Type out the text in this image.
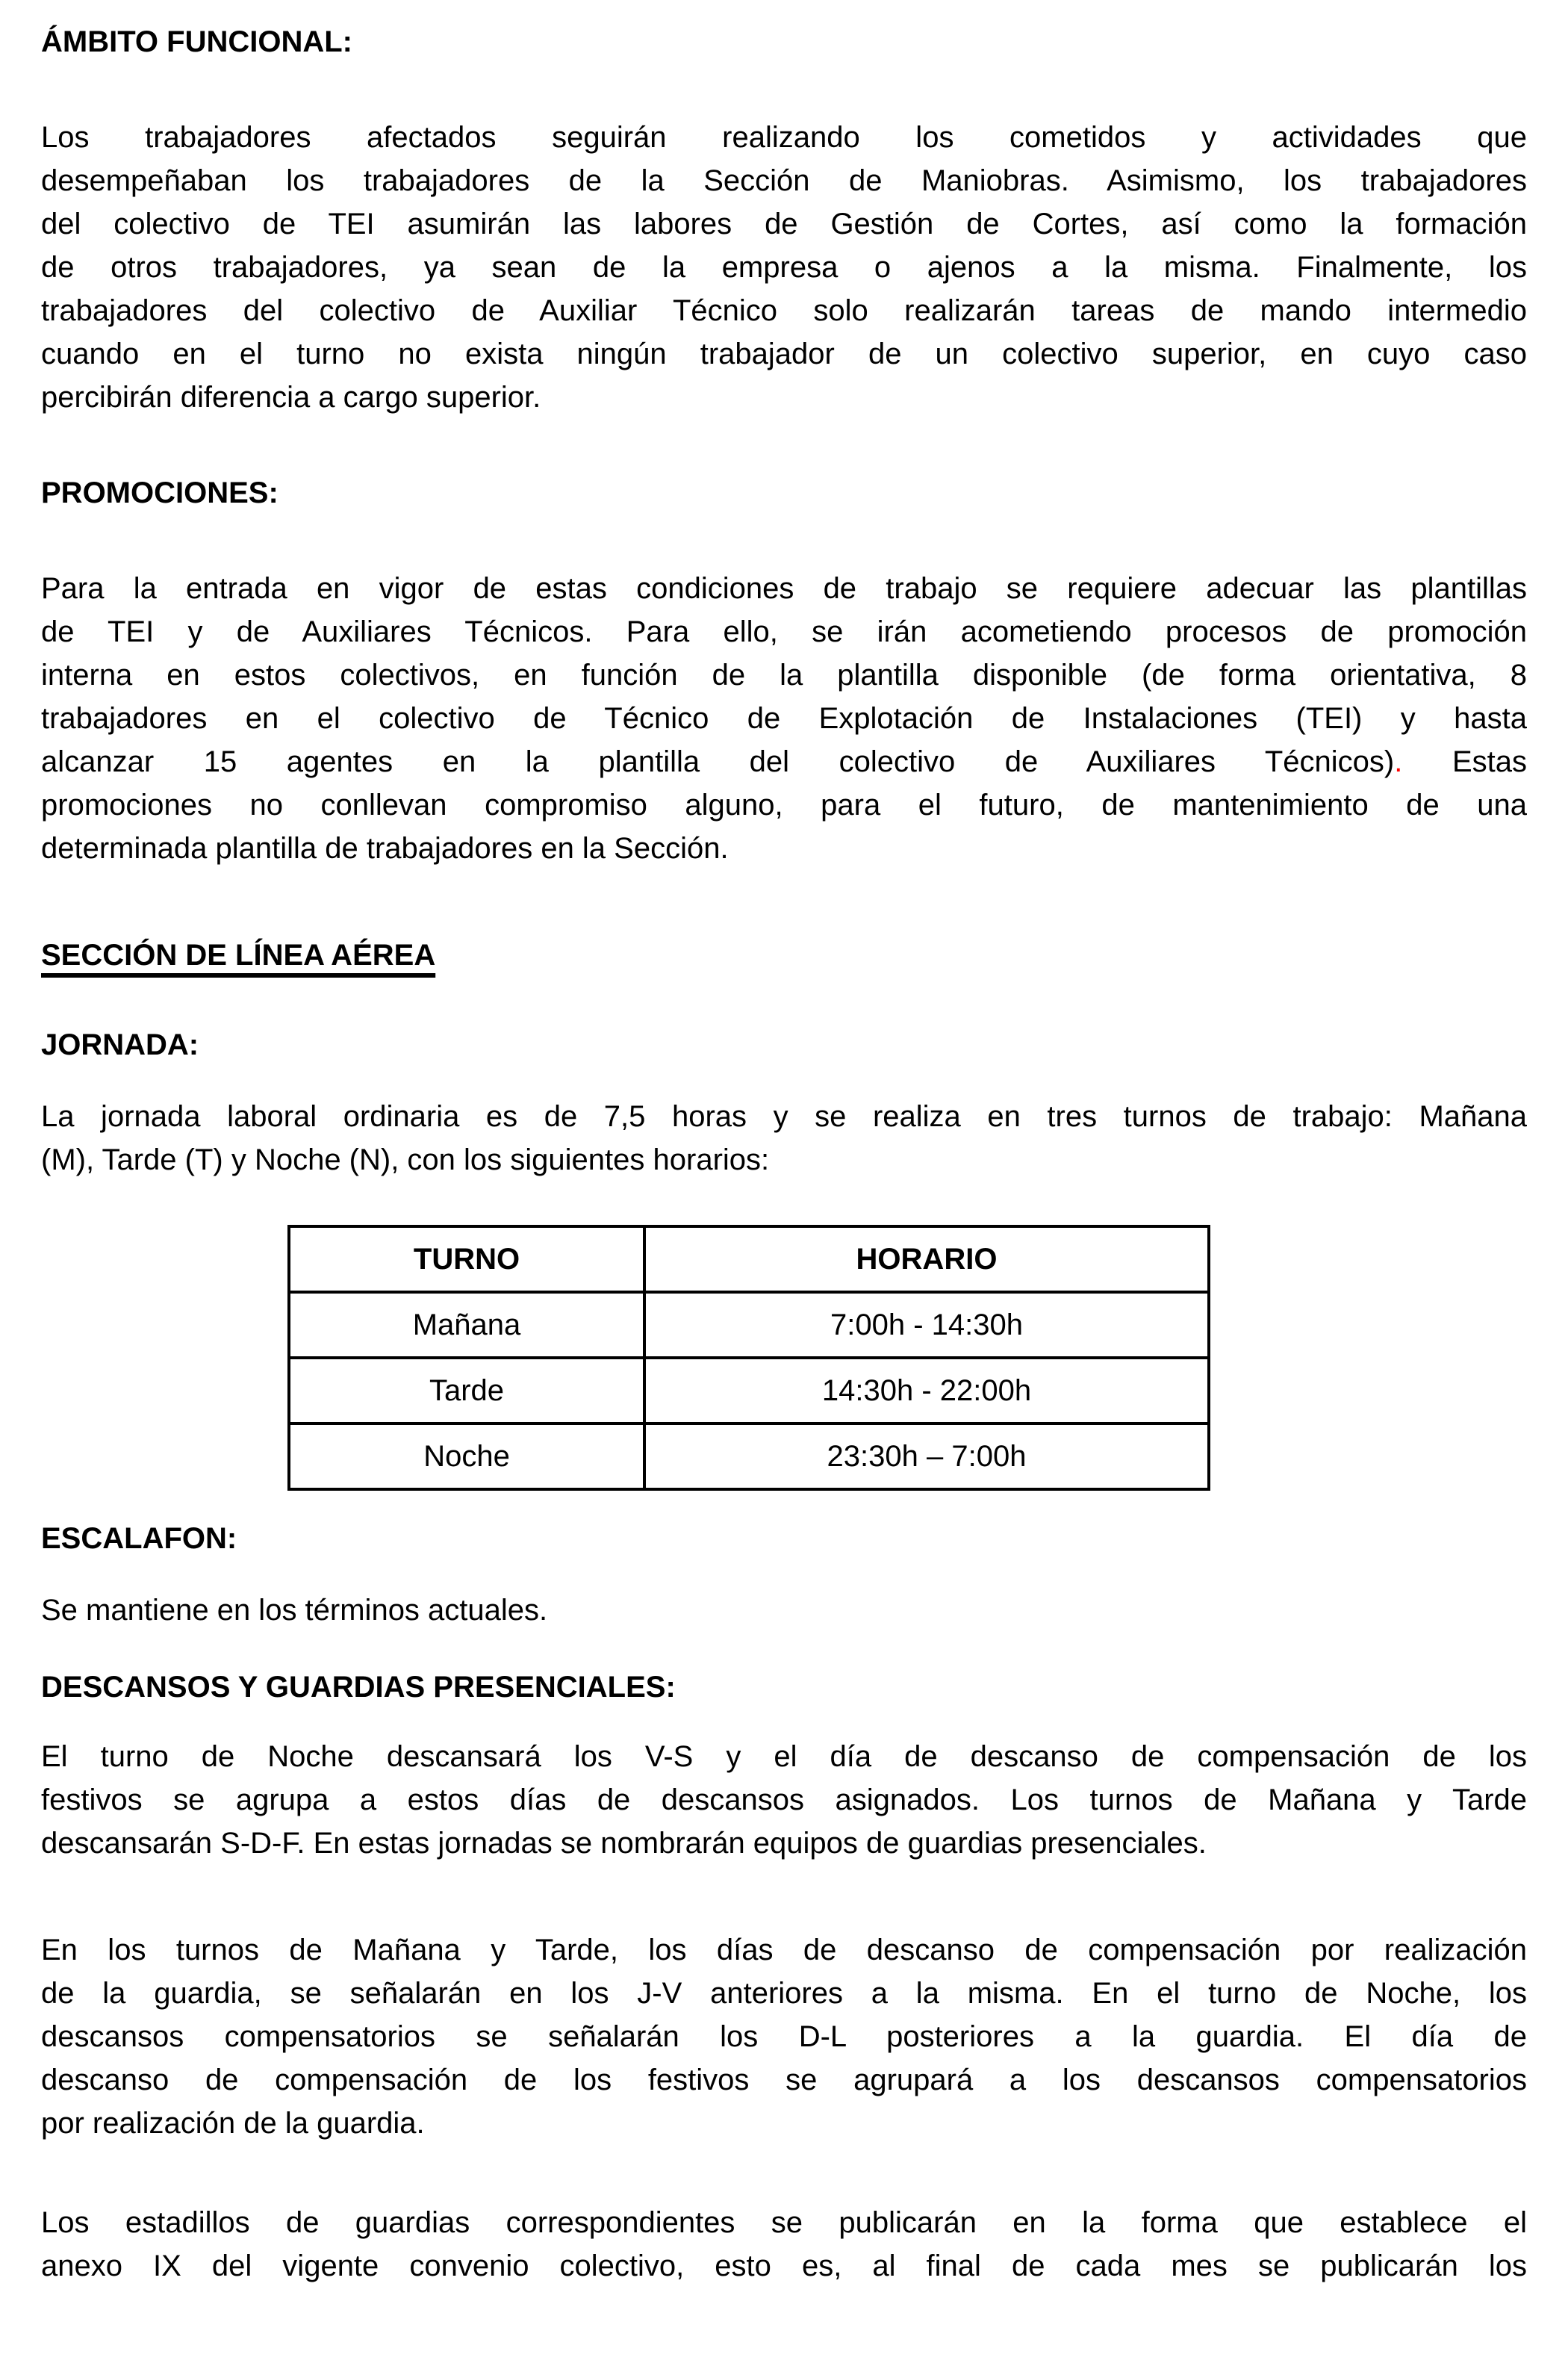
ÁMBITO FUNCIONAL:
Los trabajadores afectados seguirán realizando los cometidos y actividades que
desempeñaban los trabajadores de la Sección de Maniobras. Asimismo, los trabajadores
del colectivo de TEI asumirán las labores de Gestión de Cortes, así como la formación
de otros trabajadores, ya sean de la empresa o ajenos a la misma. Finalmente, los
trabajadores del colectivo de Auxiliar Técnico solo realizarán tareas de mando intermedio
cuando en el turno no exista ningún trabajador de un colectivo superior, en cuyo caso
percibirán diferencia a cargo superior.
PROMOCIONES:
Para la entrada en vigor de estas condiciones de trabajo se requiere adecuar las plantillas
de TEI y de Auxiliares Técnicos. Para ello, se irán acometiendo procesos de promoción
interna en estos colectivos, en función de la plantilla disponible (de forma orientativa, 8
trabajadores en el colectivo de Técnico de Explotación de Instalaciones (TEI) y hasta
alcanzar 15 agentes en la plantilla del colectivo de Auxiliares Técnicos). Estas
promociones no conllevan compromiso alguno, para el futuro, de mantenimiento de una
determinada plantilla de trabajadores en la Sección.
SECCIÓN DE LÍNEA AÉREA
JORNADA:
La jornada laboral ordinaria es de 7,5 horas y se realiza en tres turnos de trabajo: Mañana
(M), Tarde (T) y Noche (N), con los siguientes horarios:
TURNO	HORARIO
Mañana	7:00h - 14:30h
Tarde	14:30h - 22:00h
Noche	23:30h – 7:00h
ESCALAFON:
Se mantiene en los términos actuales.
DESCANSOS Y GUARDIAS PRESENCIALES:
El turno de Noche descansará los V-S y el día de descanso de compensación de los
festivos se agrupa a estos días de descansos asignados. Los turnos de Mañana y Tarde
descansarán S-D-F. En estas jornadas se nombrarán equipos de guardias presenciales.
En los turnos de Mañana y Tarde, los días de descanso de compensación por realización
de la guardia, se señalarán en los J-V anteriores a la misma. En el turno de Noche, los
descansos compensatorios se señalarán los D-L posteriores a la guardia. El día de
descanso de compensación de los festivos se agrupará a los descansos compensatorios
por realización de la guardia.
Los estadillos de guardias correspondientes se publicarán en la forma que establece el
anexo IX del vigente convenio colectivo, esto es, al final de cada mes se publicarán los
